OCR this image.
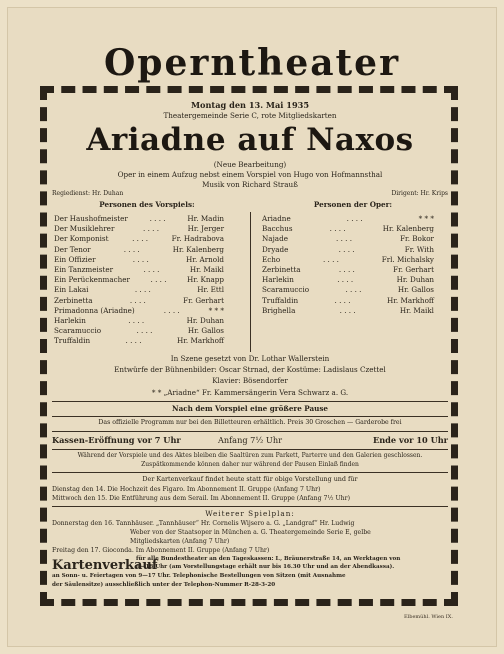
Operntheater
Montag den 13. Mai 1935
Theatergemeinde Serie C, rote Mitgliedskarten
Ariadne auf Naxos
(Neue Bearbeitung)
Oper in einem Aufzug nebst einem Vorspiel von Hugo von Hofmannsthal
Musik von Richard Strauß
Regiedienst: Hr. Duhan	Dirigent: Hr. Krips
Personen des Vorspiels:	Personen der Oper:
Der Haushofmeister	. . . .	Hr. Madin
Der Musiklehrer	. . . .	Hr. Jerger
Der Komponist	. . . .	Fr. Hadrabova
Der Tenor	. . . .	Hr. Kalenberg
Ein Offizier	. . . .	Hr. Arnold
Ein Tanzmeister	. . . .	Hr. Maikl
Ein Perückenmacher	. . . .	Hr. Knapp
Ein Lakai	. . . .	Hr. Ettl
Zerbinetta	. . . .	Fr. Gerhart
Primadonna (Ariadne)	. . . .	* * *
Harlekin	. . . .	Hr. Duhan
Scaramuccio	. . . .	Hr. Gallos
Truffaldin	. . . .	Hr. Markhoff
Ariadne	. . . .	* * *
Bacchus	. . . .	Hr. Kalenberg
Najade	. . . .	Fr. Bokor
Dryade	. . . .	Fr. With
Echo	. . . .	Frl. Michalsky
Zerbinetta	. . . .	Fr. Gerhart
Harlekin	. . . .	Hr. Duhan
Scaramuccio	. . . .	Hr. Gallos
Truffaldin	. . . .	Hr. Markhoff
Brighella	. . . .	Hr. Maikl
In Szene gesetzt von Dr. Lothar Wallerstein
Entwürfe der Bühnenbilder: Oscar Strnad, der Kostüme: Ladislaus Czettel
Klavier: Bösendorfer
* * „Ariadne“ Fr. Kammersängerin Vera Schwarz a. G.
Nach dem Vorspiel eine größere Pause
Das offizielle Programm nur bei den Billetteuren erhältlich. Preis 30 Groschen — Garderobe frei
Kassen-Eröffnung vor 7 Uhr	Anfang 7½ Uhr	Ende vor 10 Uhr
Während der Vorspiele und des Aktes bleiben die Saaltüren zum Parkett, Parterre und den Galerien geschlossen.
Zuspätkommende können daher nur während der Pausen Einlaß finden
Der Kartenverkauf findet heute statt für obige Vorstellung und für
Dienstag den 14. Die Hochzeit des Figaro. Im Abonnement II. Gruppe (Anfang 7 Uhr)
Mittwoch den 15. Die Entführung aus dem Serail. Im Abonnement II. Gruppe (Anfang 7½ Uhr)
Weiterer Spielplan:
Donnerstag den 16. Tannhäuser. „Tannhäuser“ Hr. Cornelis Wijsero a. G. „Landgraf“ Hr. Ludwig
Weber von der Staatsoper in München a. G. Theatergemeinde Serie E, gelbe
Mitgliedskarten (Anfang 7 Uhr)
Freitag den 17. Gioconda. Im Abonnement II. Gruppe (Anfang 7 Uhr)
Kartenverkauf
für alle Bundestheater an den Tageskassen: I., Bräunerstraße 14, an Werktagen von
9—18 Uhr (am Vorstellungstage erhält nur bis 16.30 Uhr und an der Abendkassa).
an Sonn- u. Feiertagen von 9—17 Uhr. Telephonische Bestellungen von Sitzen (mit Ausnahme
der Säulensitze) ausschließlich unter der Telephon-Nummer R-28-3-20
Elbemühl. Wien IX.
